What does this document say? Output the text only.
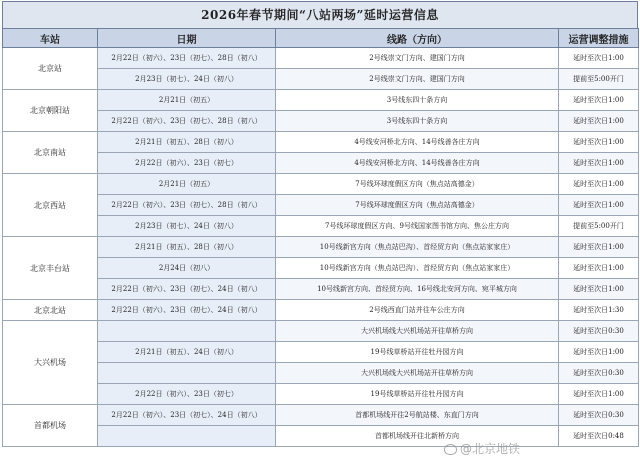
2026年春节期间“八站两场”延时运营信息
车站	日期	线路（方向）	运营调整措施
北京站	2月22日（初六）、23日（初七）、28日（初八）	2号线崇文门方向、建国门方向	延时至次日1:00
	2月23日（初七）、24日（初八）	2号线崇文门方向、建国门方向	提前至5:00开门
北京朝阳站	2月21日（初五）	3号线东四十条方向	延时至次日1:00
	2月22日（初六）、23日（初七）、28日（初八）	3号线东四十条方向	延时至次日1:00
北京南站	2月21日（初五）、28日（初八）	4号线安河桥北方向、14号线善各庄方向	延时至次日1:00
	2月22日（初六）、23日（初七）	4号线安河桥北方向、14号线善各庄方向	延时至次日1:00
北京西站	2月21日（初五）	7号线环球度假区方向（焦点站高德金）	延时至次日1:00
	2月22日（初六）、23日（初七）、28日（初八）	7号线环球度假区方向（焦点站高德金）	延时至次日1:00
	2月23日（初七）、24日（初八）	7号线环球度假区方向、9号线国家图书馆方向、焦公庄方向	提前至5:00开门
北京丰台站	2月21日（初五）、28日（初八）	10号线新宫方向（焦点站巴沟）、首经贸方向（焦点站家家庄）	延时至次日1:00
	2月24日（初八）	10号线新宫方向（焦点站巴沟）、首经贸方向（焦点站家家庄）	延时至次日1:00
	2月22日（初六）、23日（初七）、24日（初八）	10号线新宫方向、首经贸方向、16号线北安河方向、宛平城方向	延时至次日1:00
北京北站	2月22日（初六）、23日（初七）、24日（初八）	2号线西直门站并往车公庄方向	延时至次日1:30
大兴机场		大兴机场线大兴机场站开往草桥方向	延时至次日0:30
	2月21日（初五）、24日（初八）	19号线草桥站开往牡丹园方向	延时至次日1:00
		大兴机场线大兴机场站开往草桥方向	延时至次日0:30
	2月22日（初六）、23日（初七）	19号线草桥站开往牡丹园方向	延时至次日1:00
首都机场	2月22日（初六）、23日（初七）、24日（初八）	首都机场线开往2号航站楼、东直门方向	延时至次日0:30
		首都机场线开往北新桥方向	延时至次日0:48
@北京地铁
